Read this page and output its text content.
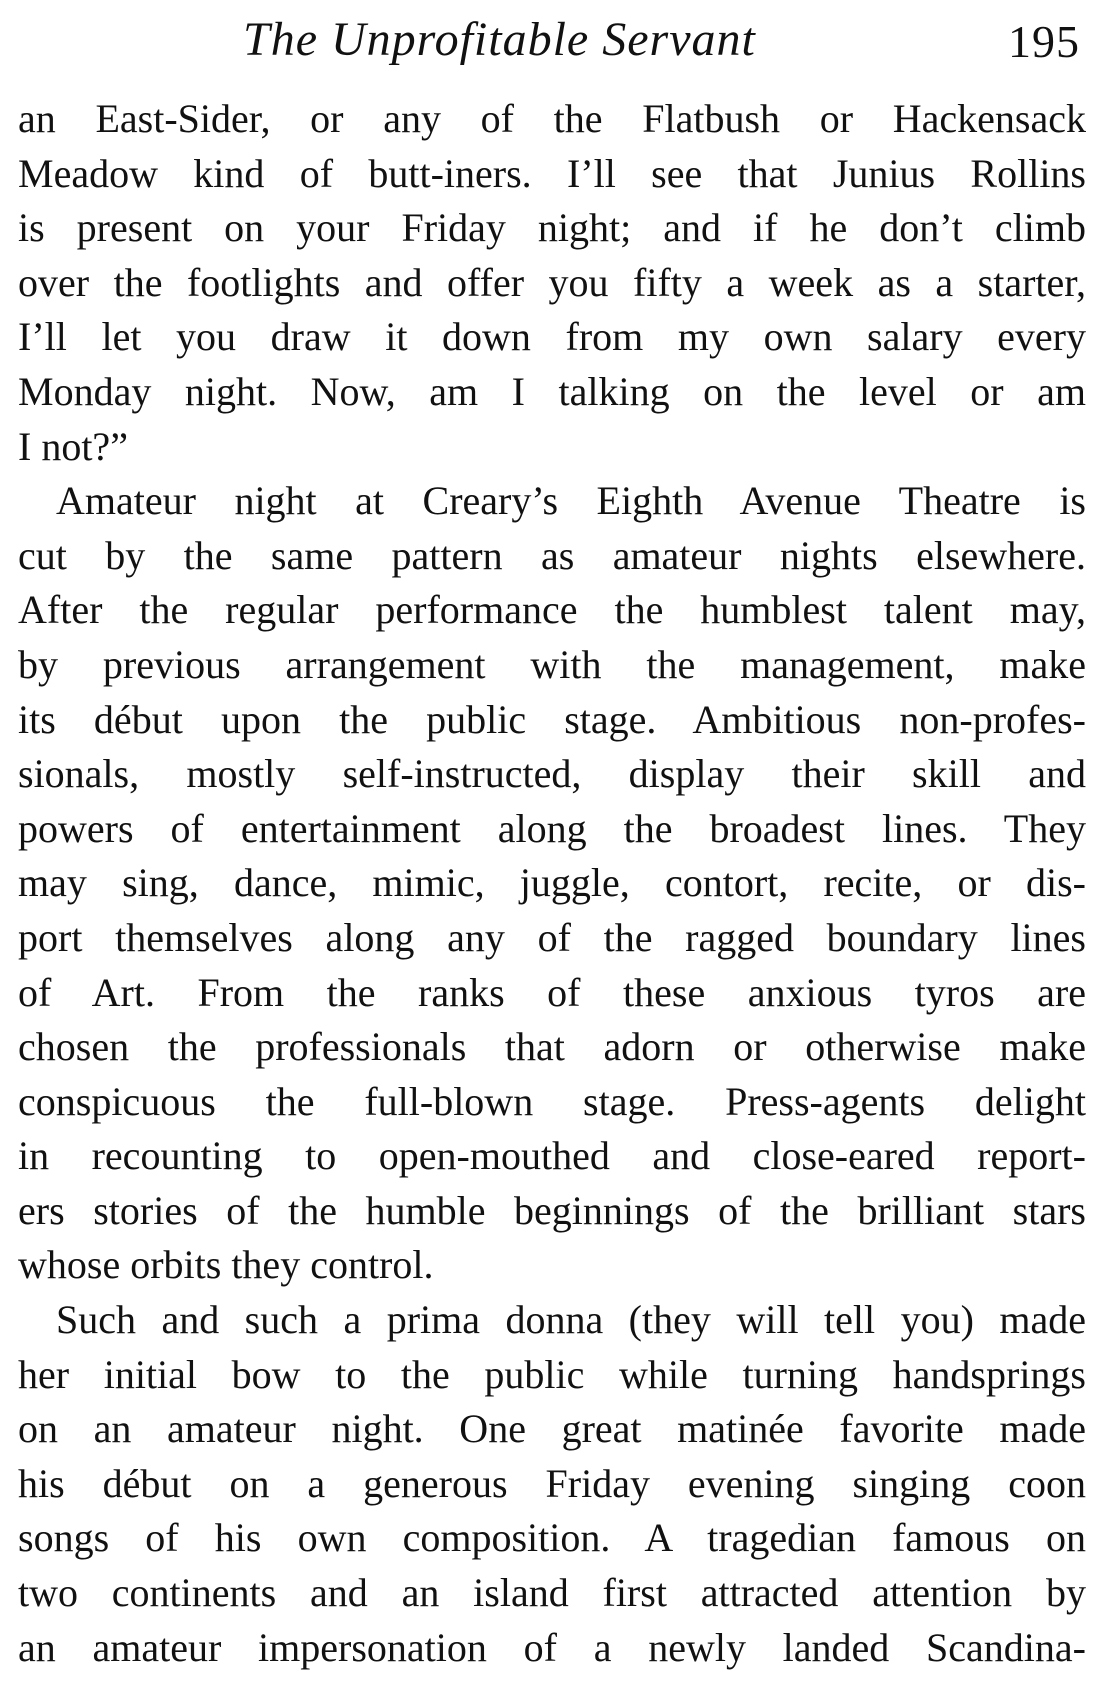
The Unprofitable Servant	195
an East-Sider, or any of the Flatbush or Hackensack
Meadow kind of butt-iners. I’ll see that Junius Rollins
is present on your Friday night; and if he don’t climb
over the footlights and offer you fifty a week as a starter,
I’ll let you draw it down from my own salary every
Monday night. Now, am I talking on the level or am
I not?”
Amateur night at Creary’s Eighth Avenue Theatre is
cut by the same pattern as amateur nights elsewhere.
After the regular performance the humblest talent may,
by previous arrangement with the management, make
its début upon the public stage. Ambitious non-profes-
sionals, mostly self-instructed, display their skill and
powers of entertainment along the broadest lines. They
may sing, dance, mimic, juggle, contort, recite, or dis-
port themselves along any of the ragged boundary lines
of Art. From the ranks of these anxious tyros are
chosen the professionals that adorn or otherwise make
conspicuous the full-blown stage. Press-agents delight
in recounting to open-mouthed and close-eared report-
ers stories of the humble beginnings of the brilliant stars
whose orbits they control.
Such and such a prima donna (they will tell you) made
her initial bow to the public while turning handsprings
on an amateur night. One great matinée favorite made
his début on a generous Friday evening singing coon
songs of his own composition. A tragedian famous on
two continents and an island first attracted attention by
an amateur impersonation of a newly landed Scandina-
